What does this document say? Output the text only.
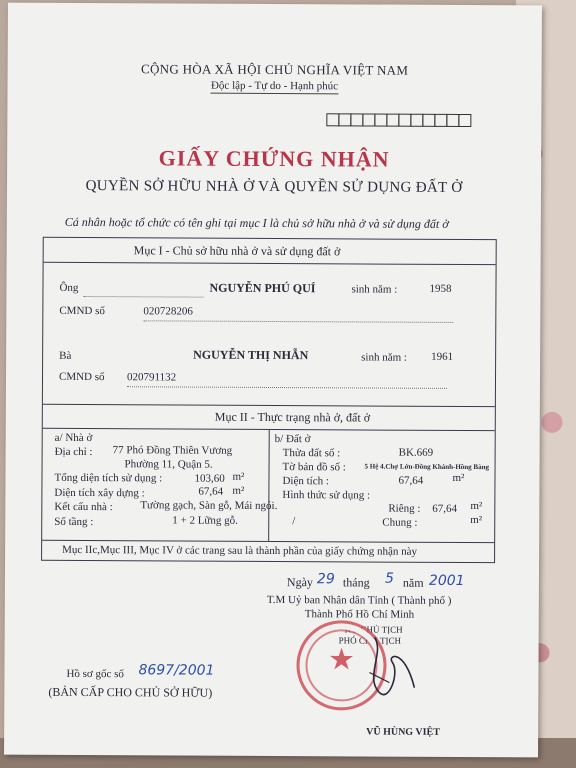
CỘNG HÒA XÃ HỘI CHỦ NGHĨA VIỆT NAM
Độc lập - Tự do - Hạnh phúc
GIẤY CHỨNG NHẬN
QUYỀN SỞ HỮU NHÀ Ở VÀ QUYỀN SỬ DỤNG ĐẤT Ở
Cá nhân hoặc tổ chức có tên ghi tại mục I là chủ sở hữu nhà ở và sử dụng đất ở
Mục I - Chủ sở hữu nhà ở và sử dụng đất ở
Ông	NGUYỄN PHÚ QUÍ	sinh năm :	1958
CMND số	020728206
Bà	NGUYỄN THỊ NHẪN	sinh năm : 1961
CMND số 020791132
Mục II - Thực trạng nhà ở, đất ở
a/ Nhà ở
Địa chỉ : 77 Phó Đồng Thiên Vương
Phường 11, Quận 5.
Tổng diện tích sử dụng :	103,60 m²
Diện tích xây dựng :	67,64 m²
Kết cấu nhà :	Tường gạch, Sàn gỗ, Mái ngói.
Số tầng :	1 + 2 Lững gỗ.
b/ Đất ở
Thửa đất số :	BK.669
Tờ bản đồ số :	5 Hệ 4.Chợ Lớn-Đồng Khánh-Hồng Bàng
Diện tích :	67,64	m²
Hình thức sử dụng :
Riêng : 67,64 m²
/	Chung :	m²
Mục IIc,Mục III, Mục IV ở các trang sau là thành phần của giấy chứng nhận này
Ngày 29 tháng 5 năm 2001
T.M Uỷ ban Nhân dân Tỉnh ( Thành phố )
Thành Phố Hồ Chí Minh
KT. CHỦ TỊCH
PHÓ CHỦ TỊCH
★
VŨ HÙNG VIỆT
Hồ sơ gốc số 8697/2001
(BẢN CẤP CHO CHỦ SỞ HỮU)
